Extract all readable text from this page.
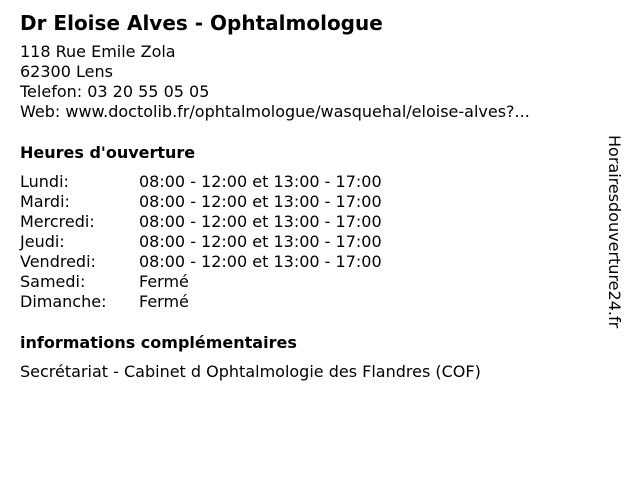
Dr Eloise Alves - Ophtalmologue
118 Rue Emile Zola
62300 Lens
Telefon: 03 20 55 05 05
Web: www.doctolib.fr/ophtalmologue/wasquehal/eloise-alves?...
Heures d'ouverture
Lundi:	08:00 - 12:00 et 13:00 - 17:00
Mardi:	08:00 - 12:00 et 13:00 - 17:00
Mercredi:	08:00 - 12:00 et 13:00 - 17:00
Jeudi:	08:00 - 12:00 et 13:00 - 17:00
Vendredi:	08:00 - 12:00 et 13:00 - 17:00
Samedi:	Fermé
Dimanche:	Fermé
informations complémentaires
Secrétariat - Cabinet d Ophtalmologie des Flandres (COF)
Horairesdouverture24.fr
